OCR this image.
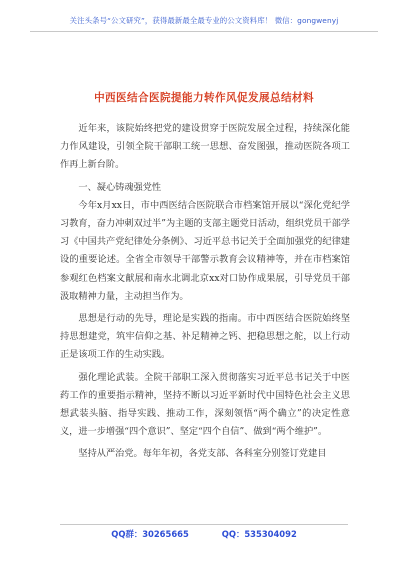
关注头条号“公文研究”，获得最新最全最专业的公文资料库！ 微信：gongwenyj
中西医结合医院提能力转作风促发展总结材料

近年来，该院始终把党的建设贯穿于医院发展全过程，持续深化能力作风建设，引领全院干部职工统一思想、奋发图强，推动医院各项工作再上新台阶。

一、凝心铸魂强党性

今年x月xx日，市中西医结合医院联合市档案馆开展以“深化党纪学习教育，奋力冲刺双过半”为主题的支部主题党日活动，组织党员干部学习《中国共产党纪律处分条例》、习近平总书记关于全面加强党的纪律建设的重要论述。全省全市领导干部警示教育会议精神等，并在市档案馆参观红色档案文献展和南水北调北京xx对口协作成果展，引导党员干部汲取精神力量，主动担当作为。

思想是行动的先导，理论是实践的指南。市中西医结合医院始终坚持思想建党，筑牢信仰之基、补足精神之钙、把稳思想之舵，以上行动正是该项工作的生动实践。

强化理论武装。全院干部职工深入贯彻落实习近平总书记关于中医药工作的重要指示精神，坚持不断以习近平新时代中国特色社会主义思想武装头脑、指导实践、推动工作，深刻领悟“两个确立”的决定性意义，进一步增强“四个意识”、坚定“四个自信”、做到“两个维护”。

坚持从严治党。每年年初，各党支部、各科室分别签订党建目

QQ群：30265665	QQ：535304092
